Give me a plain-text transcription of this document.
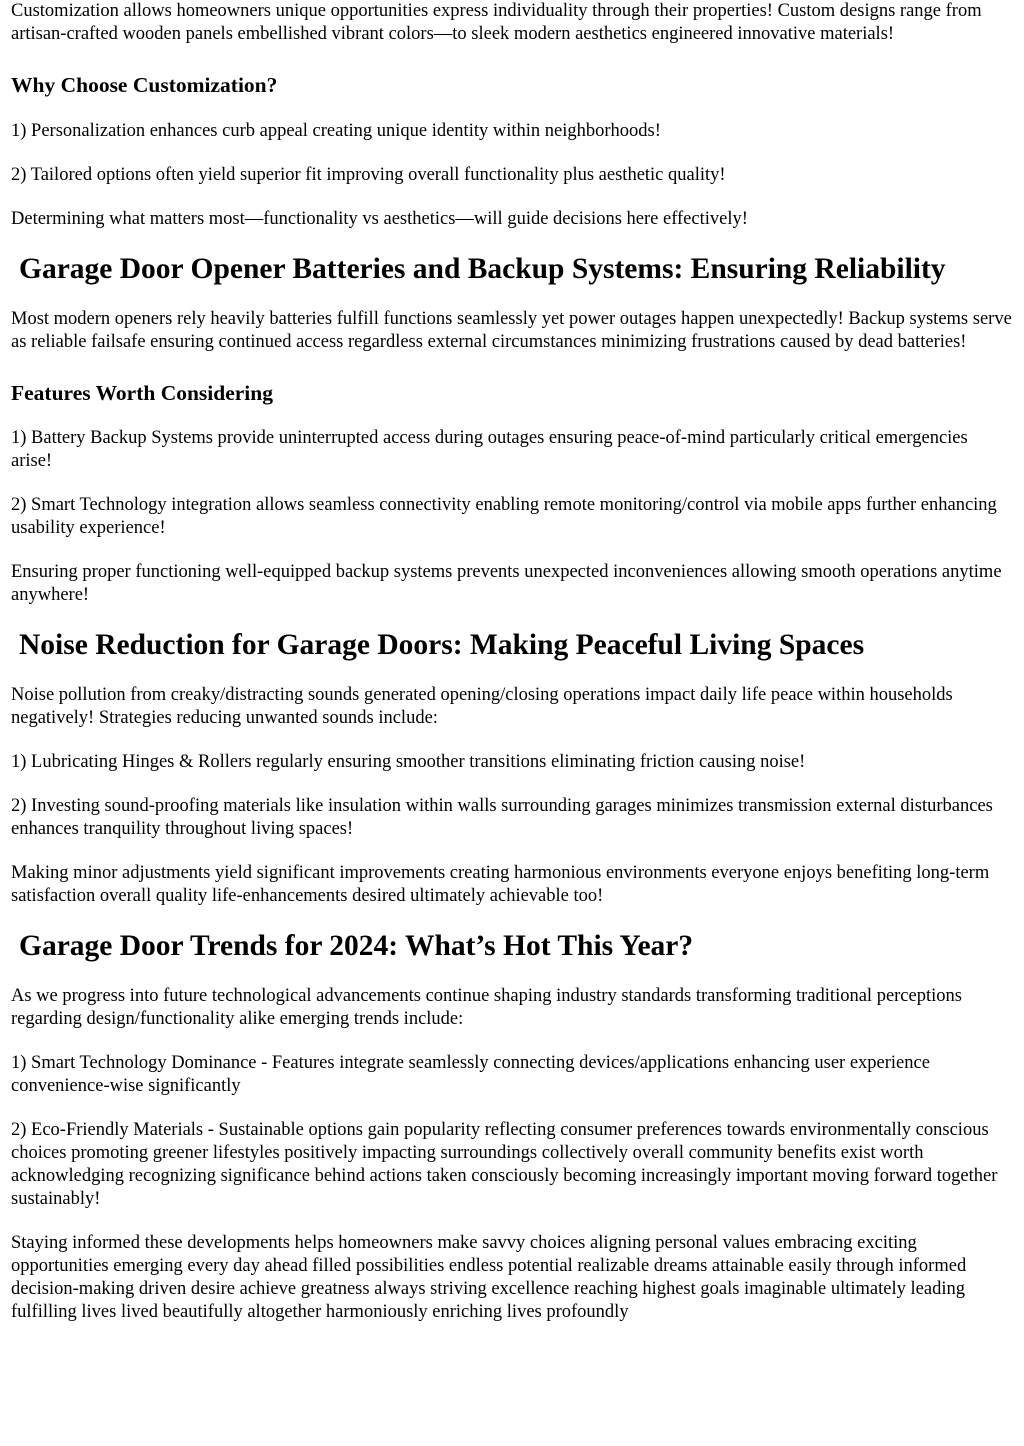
Customization allows homeowners unique opportunities express individuality through their properties! Custom designs range from artisan-crafted wooden panels embellished vibrant colors—to sleek modern aesthetics engineered innovative materials!

Why Choose Customization?

1) Personalization enhances curb appeal creating unique identity within neighborhoods!

2) Tailored options often yield superior fit improving overall functionality plus aesthetic quality!

Determining what matters most—functionality vs aesthetics—will guide decisions here effectively!

Garage Door Opener Batteries and Backup Systems: Ensuring Reliability

Most modern openers rely heavily batteries fulfill functions seamlessly yet power outages happen unexpectedly! Backup systems serve as reliable failsafe ensuring continued access regardless external circumstances minimizing frustrations caused by dead batteries!

Features Worth Considering

1) Battery Backup Systems provide uninterrupted access during outages ensuring peace-of-mind particularly critical emergencies arise!

2) Smart Technology integration allows seamless connectivity enabling remote monitoring/control via mobile apps further enhancing usability experience!

Ensuring proper functioning well-equipped backup systems prevents unexpected inconveniences allowing smooth operations anytime anywhere!

Noise Reduction for Garage Doors: Making Peaceful Living Spaces

Noise pollution from creaky/distracting sounds generated opening/closing operations impact daily life peace within households negatively! Strategies reducing unwanted sounds include:

1) Lubricating Hinges & Rollers regularly ensuring smoother transitions eliminating friction causing noise!

2) Investing sound-proofing materials like insulation within walls surrounding garages minimizes transmission external disturbances enhances tranquility throughout living spaces!

Making minor adjustments yield significant improvements creating harmonious environments everyone enjoys benefiting long-term satisfaction overall quality life-enhancements desired ultimately achievable too!

Garage Door Trends for 2024: What’s Hot This Year?

As we progress into future technological advancements continue shaping industry standards transforming traditional perceptions regarding design/functionality alike emerging trends include:

1) Smart Technology Dominance - Features integrate seamlessly connecting devices/applications enhancing user experience convenience-wise significantly

2) Eco-Friendly Materials - Sustainable options gain popularity reflecting consumer preferences towards environmentally conscious choices promoting greener lifestyles positively impacting surroundings collectively overall community benefits exist worth acknowledging recognizing significance behind actions taken consciously becoming increasingly important moving forward together sustainably!

Staying informed these developments helps homeowners make savvy choices aligning personal values embracing exciting opportunities emerging every day ahead filled possibilities endless potential realizable dreams attainable easily through informed decision-making driven desire achieve greatness always striving excellence reaching highest goals imaginable ultimately leading fulfilling lives lived beautifully altogether harmoniously enriching lives profoundly
